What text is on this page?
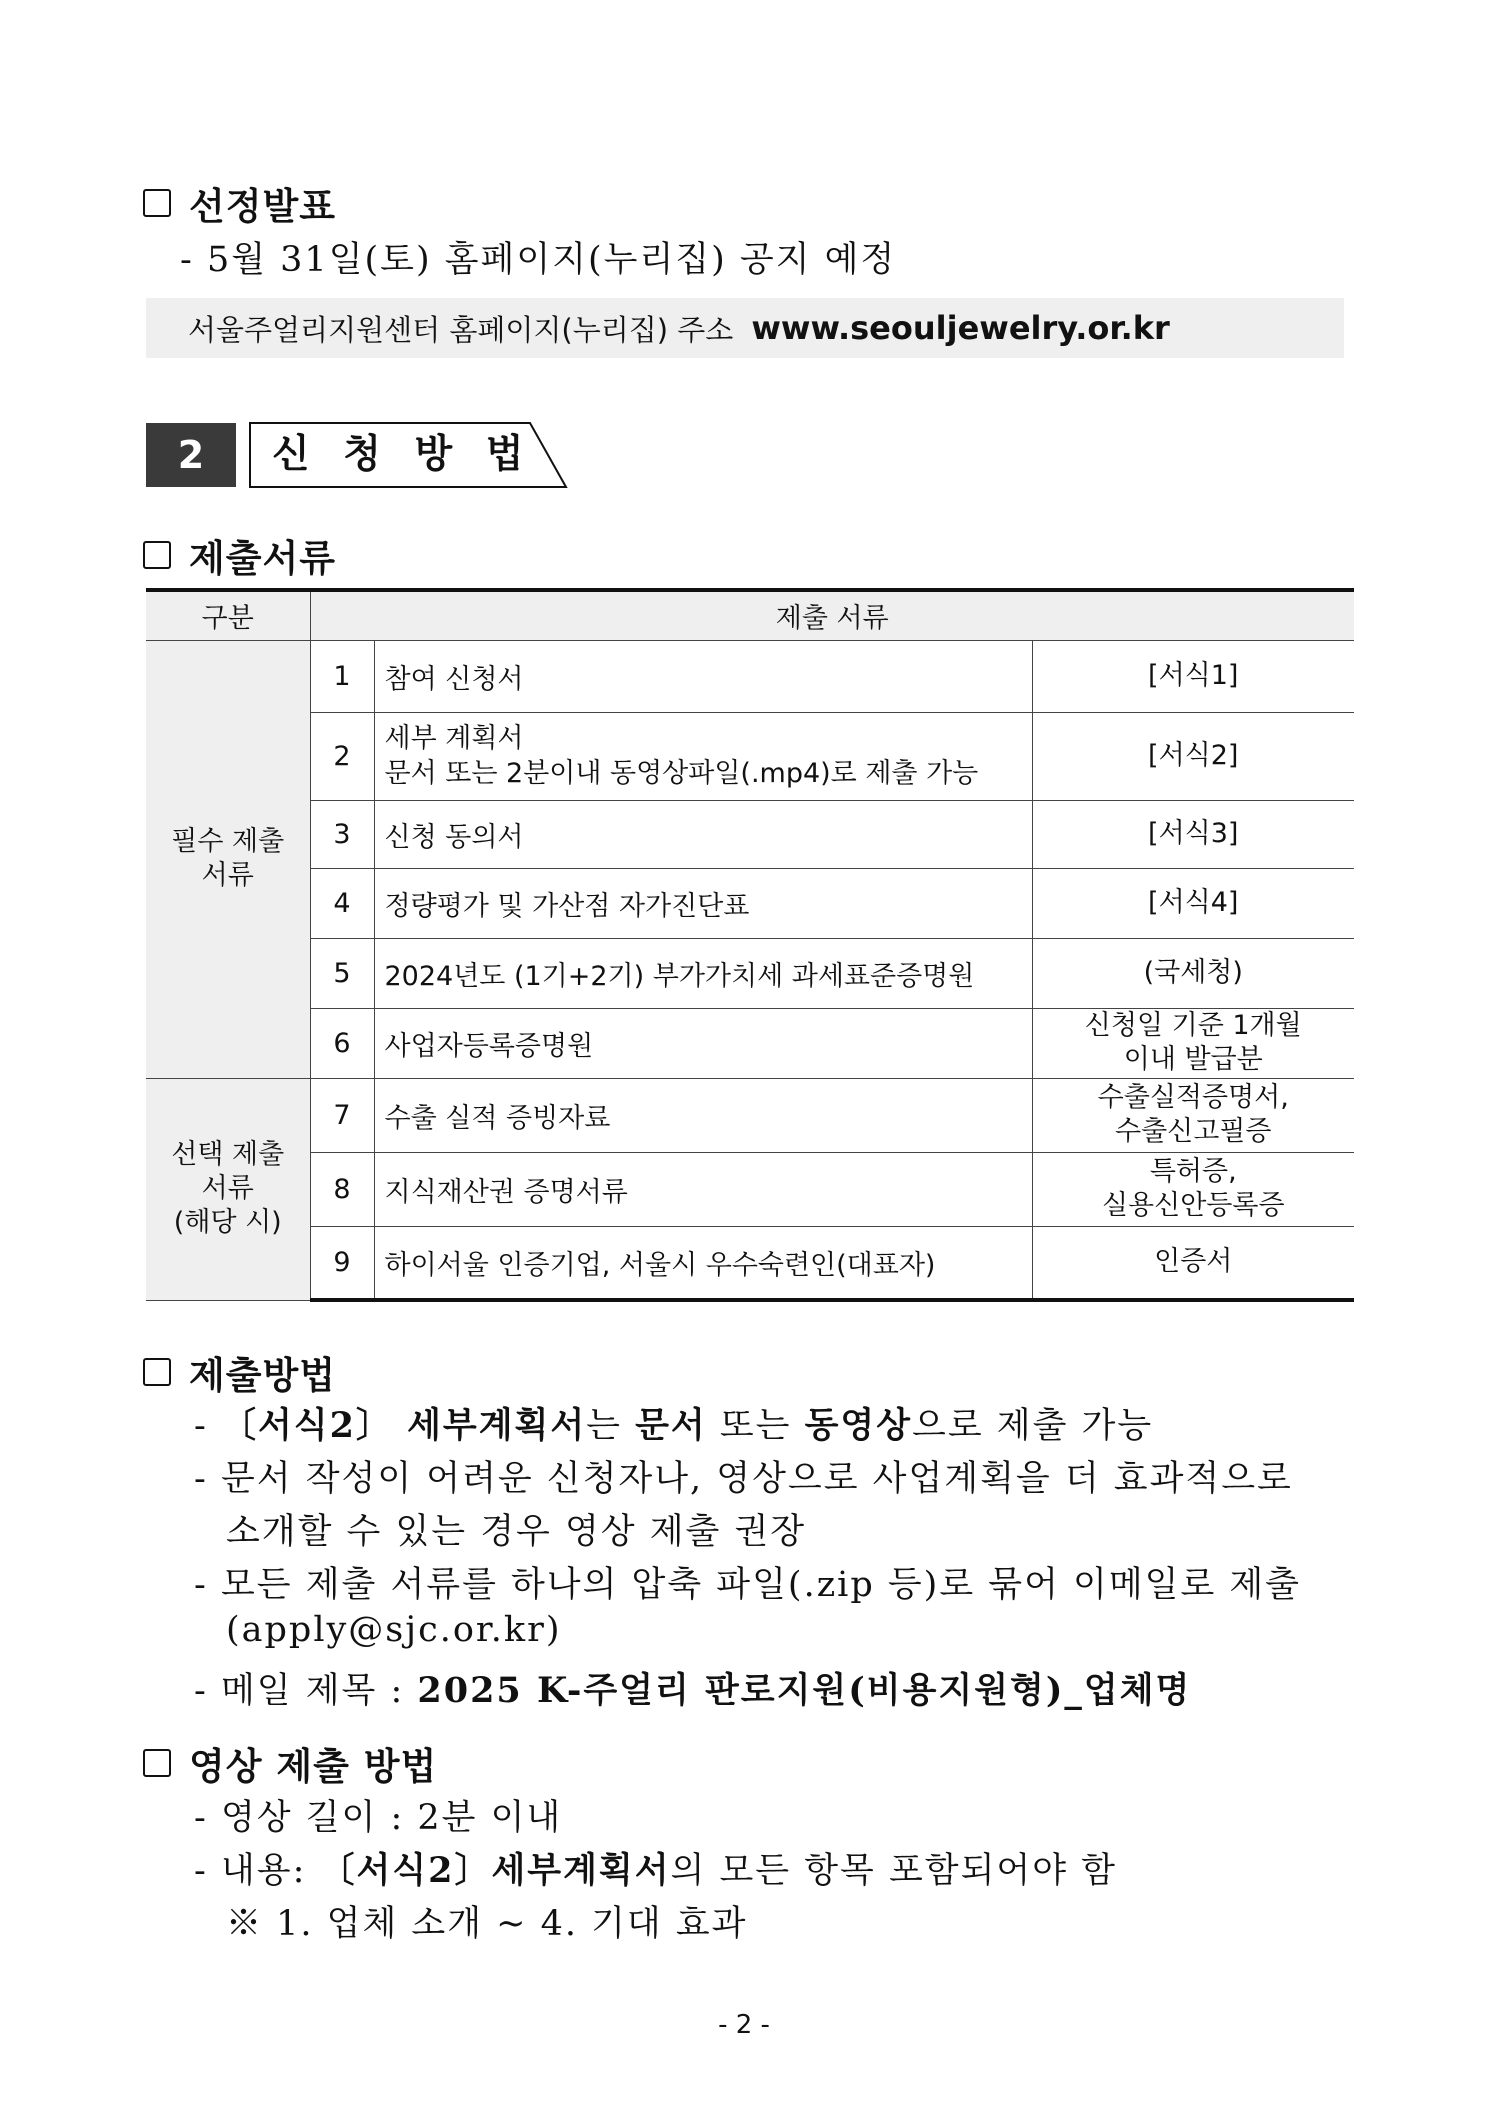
선정발표
- 5월 31일(토) 홈페이지(누리집) 공지 예정
서울주얼리지원센터 홈페이지(누리집) 주소 www.seouljewelry.or.kr
2	신 청 방 법
제출서류
구분	제출 서류		
필수 제출
서류	1	참여 신청서	[서식1]
	2	세부 계획서
문서 또는 2분이내 동영상파일(.mp4)로 제출 가능	[서식2]
	3	신청 동의서	[서식3]
	4	정량평가 및 가산점 자가진단표	[서식4]
	5	2024년도 (1기+2기) 부가가치세 과세표준증명원	(국세청)
	6	사업자등록증명원	신청일 기준 1개월
이내 발급분
선택 제출
서류
(해당 시)	7	수출 실적 증빙자료	수출실적증명서,
수출신고필증
	8	지식재산권 증명서류	특허증,
실용신안등록증
	9	하이서울 인증기업, 서울시 우수숙련인(대표자)	인증서
제출방법
- 〔서식2〕 세부계획서는 문서 또는 동영상으로 제출 가능
- 문서 작성이 어려운 신청자나, 영상으로 사업계획을 더 효과적으로
소개할 수 있는 경우 영상 제출 권장
- 모든 제출 서류를 하나의 압축 파일(.zip 등)로 묶어 이메일로 제출
(apply@sjc.or.kr)
- 메일 제목 : 2025 K-주얼리 판로지원(비용지원형)_업체명
영상 제출 방법
- 영상 길이 : 2분 이내
- 내용: 〔서식2〕세부계획서의 모든 항목 포함되어야 함
※ 1. 업체 소개 ~ 4. 기대 효과
- 2 -
